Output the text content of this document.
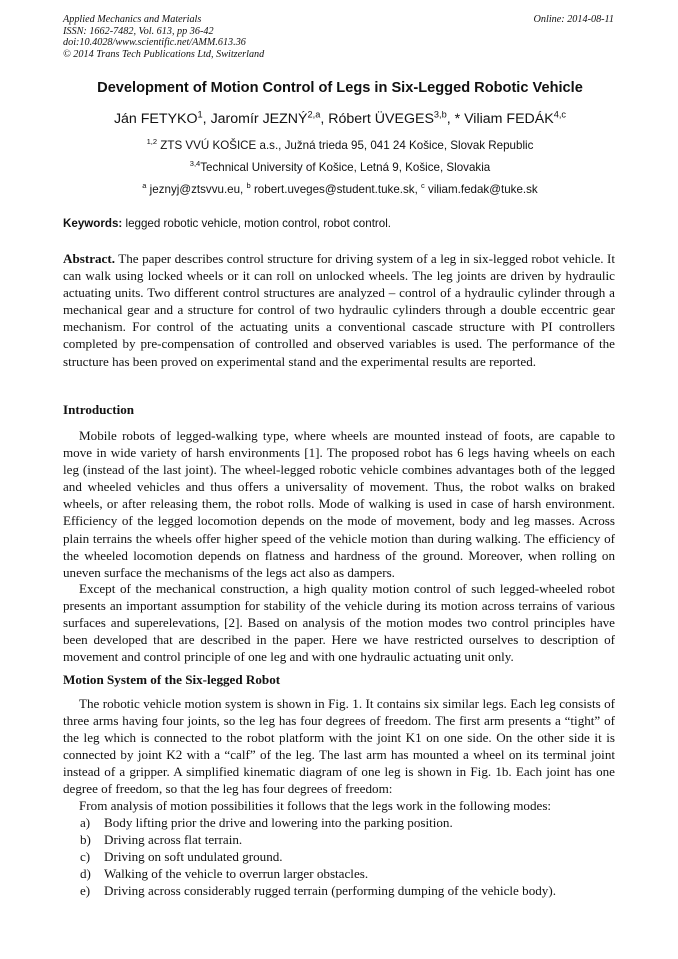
Applied Mechanics and Materials
ISSN: 1662-7482, Vol. 613, pp 36-42
doi:10.4028/www.scientific.net/AMM.613.36
© 2014 Trans Tech Publications Ltd, Switzerland
Online: 2014-08-11
Development of Motion Control of Legs in Six-Legged Robotic Vehicle
Ján FETYKO$^1$, Jaromír JEZNÝ$^{2,a}$, Róbert ÜVEGES$^{3,b}$, * Viliam FEDÁK$^{4,c}$
$^{1,2}$ ZTS VVÚ KOŠICE a.s., Južná trieda 95, 041 24 Košice, Slovak Republic
$^{3,4}$Technical University of Košice, Letná 9, Košice, Slovakia
$^a$ jeznyj@ztsvvu.eu, $^b$ robert.uveges@student.tuke.sk, $^c$ viliam.fedak@tuke.sk
Keywords: legged robotic vehicle, motion control, robot control.
Abstract. The paper describes control structure for driving system of a leg in six-legged robot vehicle. It can walk using locked wheels or it can roll on unlocked wheels. The leg joints are driven by hydraulic actuating units. Two different control structures are analyzed – control of a hydraulic cylinder through a mechanical gear and a structure for control of two hydraulic cylinders through a double eccentric gear mechanism. For control of the actuating units a conventional cascade structure with PI controllers completed by pre-compensation of controlled and observed variables is used. The performance of the structure has been proved on experimental stand and the experimental results are reported.
Introduction
Mobile robots of legged-walking type, where wheels are mounted instead of foots, are capable to move in wide variety of harsh environments [1]. The proposed robot has 6 legs having wheels on each leg (instead of the last joint). The wheel-legged robotic vehicle combines advantages both of the legged and wheeled vehicles and thus offers a universality of movement. Thus, the robot walks on braked wheels, or after releasing them, the robot rolls. Mode of walking is used in case of harsh environment. Efficiency of the legged locomotion depends on the mode of movement, body and leg masses. Across plain terrains the wheels offer higher speed of the vehicle motion than during walking. The efficiency of the wheeled locomotion depends on flatness and hardness of the ground. Moreover, when rolling on uneven surface the mechanisms of the legs act also as dampers.
Except of the mechanical construction, a high quality motion control of such legged-wheeled robot presents an important assumption for stability of the vehicle during its motion across terrains of various surfaces and superelevations, [2]. Based on analysis of the motion modes two control principles have been developed that are described in the paper. Here we have restricted ourselves to description of movement and control principle of one leg and with one hydraulic actuating unit only.
Motion System of the Six-legged Robot
The robotic vehicle motion system is shown in Fig. 1. It contains six similar legs. Each leg consists of three arms having four joints, so the leg has four degrees of freedom. The first arm presents a “tight” of the leg which is connected to the robot platform with the joint K1 on one side. On the other side it is connected by joint K2 with a “calf” of the leg. The last arm has mounted a wheel on its terminal joint instead of a gripper. A simplified kinematic diagram of one leg is shown in Fig. 1b. Each joint has one degree of freedom, so that the leg has four degrees of freedom:
From analysis of motion possibilities it follows that the legs work in the following modes:
a) Body lifting prior the drive and lowering into the parking position.
b) Driving across flat terrain.
c) Driving on soft undulated ground.
d) Walking of the vehicle to overrun larger obstacles.
e) Driving across considerably rugged terrain (performing dumping of the vehicle body).
